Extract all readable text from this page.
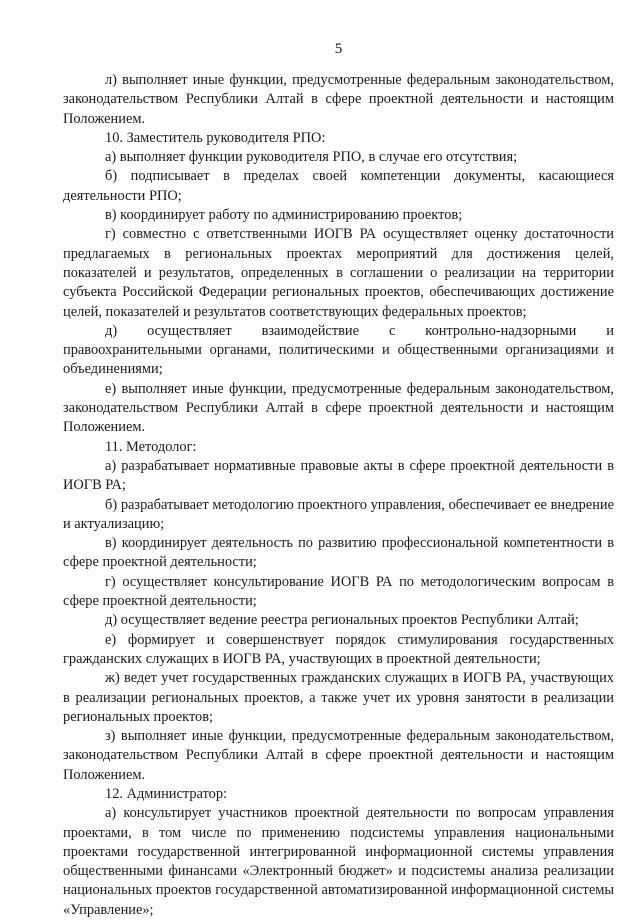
5

л) выполняет иные функции, предусмотренные федеральным законодательством, законодательством Республики Алтай в сфере проектной деятельности и настоящим Положением.

10. Заместитель руководителя РПО:

а) выполняет функции руководителя РПО, в случае его отсутствия;

б) подписывает в пределах своей компетенции документы, касающиеся деятельности РПО;

в) координирует работу по администрированию проектов;

г) совместно с ответственными ИОГВ РА осуществляет оценку достаточности предлагаемых в региональных проектах мероприятий для достижения целей, показателей и результатов, определенных в соглашении о реализации на территории субъекта Российской Федерации региональных проектов, обеспечивающих достижение целей, показателей и результатов соответствующих федеральных проектов;

д) осуществляет взаимодействие с контрольно-надзорными и правоохранительными органами, политическими и общественными организациями и объединениями;

е) выполняет иные функции, предусмотренные федеральным законодательством, законодательством Республики Алтай в сфере проектной деятельности и настоящим Положением.

11. Методолог:

а) разрабатывает нормативные правовые акты в сфере проектной деятельности в ИОГВ РА;

б) разрабатывает методологию проектного управления, обеспечивает ее внедрение и актуализацию;

в) координирует деятельность по развитию профессиональной компетентности в сфере проектной деятельности;

г) осуществляет консультирование ИОГВ РА по методологическим вопросам в сфере проектной деятельности;

д) осуществляет ведение реестра региональных проектов Республики Алтай;

е) формирует и совершенствует порядок стимулирования государственных гражданских служащих в ИОГВ РА, участвующих в проектной деятельности;

ж) ведет учет государственных гражданских служащих в ИОГВ РА, участвующих в реализации региональных проектов, а также учет их уровня занятости в реализации региональных проектов;

з) выполняет иные функции, предусмотренные федеральным законодательством, законодательством Республики Алтай в сфере проектной деятельности и настоящим Положением.

12. Администратор:

а) консультирует участников проектной деятельности по вопросам управления проектами, в том числе по применению подсистемы управления национальными проектами государственной интегрированной информационной системы управления общественными финансами «Электронный бюджет» и подсистемы анализа реализации национальных проектов государственной автоматизированной информационной системы «Управление»;
